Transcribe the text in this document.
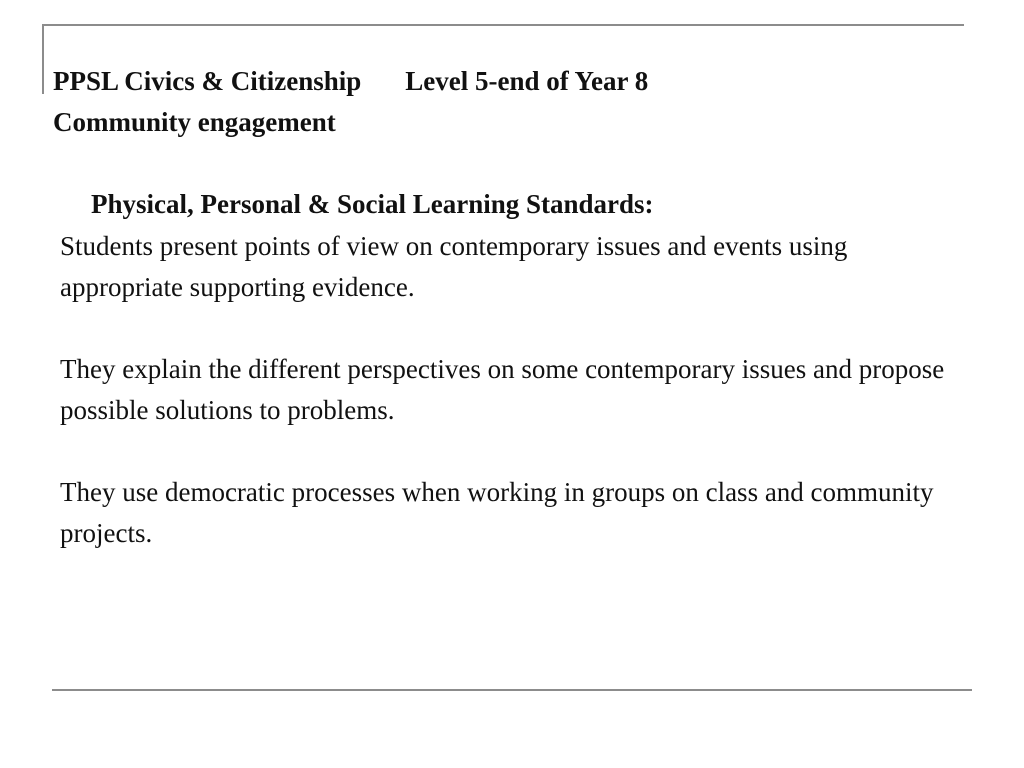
PPSL Civics & Citizenship Level 5-end of Year 8
Community engagement
Physical, Personal & Social Learning Standards:

Students present points of view on contemporary issues and events using appropriate supporting evidence.

They explain the different perspectives on some contemporary issues and propose possible solutions to problems.

They use democratic processes when working in groups on class and community projects.
